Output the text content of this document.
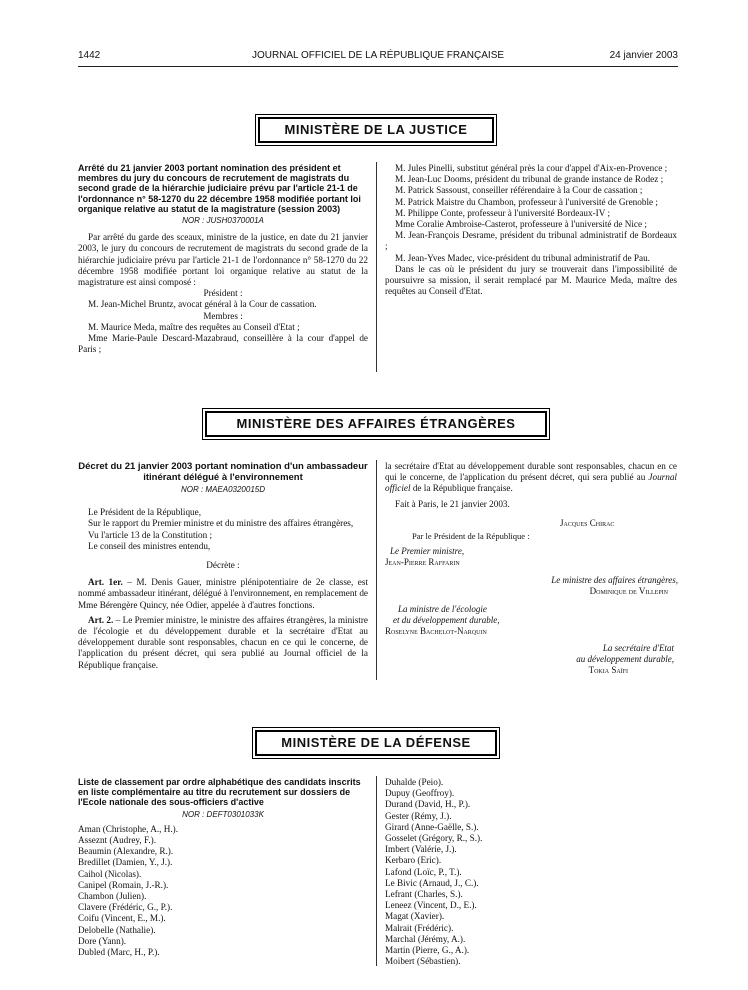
1442	JOURNAL OFFICIEL DE LA RÉPUBLIQUE FRANÇAISE	24 janvier 2003
MINISTÈRE DE LA JUSTICE
Arrêté du 21 janvier 2003 portant nomination des président et membres du jury du concours de recrutement de magistrats du second grade de la hiérarchie judiciaire prévu par l'article 21-1 de l'ordonnance n° 58-1270 du 22 décembre 1958 modifiée portant loi organique relative au statut de la magistrature (session 2003)
NOR : JUSH0370001A

Par arrêté du garde des sceaux, ministre de la justice, en date du 21 janvier 2003, le jury du concours de recrutement de magistrats du second grade de la hiérarchie judiciaire prévu par l'article 21-1 de l'ordonnance n° 58-1270 du 22 décembre 1958 modifiée portant loi organique relative au statut de la magistrature est ainsi composé :

Président :

M. Jean-Michel Bruntz, avocat général à la Cour de cassation.

Membres :

M. Maurice Meda, maître des requêtes au Conseil d'Etat ;

Mme Marie-Paule Descard-Mazabraud, conseillère à la cour d'appel de Paris ;

M. Jules Pinelli, substitut général près la cour d'appel d'Aix-en-Provence ;

M. Jean-Luc Dooms, président du tribunal de grande instance de Rodez ;

M. Patrick Sassoust, conseiller référendaire à la Cour de cassation ;

M. Patrick Maistre du Chambon, professeur à l'université de Grenoble ;

M. Philippe Conte, professeur à l'université Bordeaux-IV ;

Mme Coralie Ambroise-Casterot, professeure à l'université de Nice ;

M. Jean-François Desrame, président du tribunal administratif de Bordeaux ;

M. Jean-Yves Madec, vice-président du tribunal administratif de Pau.

Dans le cas où le président du jury se trouverait dans l'impossibilité de poursuivre sa mission, il serait remplacé par M. Maurice Meda, maître des requêtes au Conseil d'Etat.

MINISTÈRE DES AFFAIRES ÉTRANGÈRES
Décret du 21 janvier 2003 portant nomination d'un ambassadeur itinérant délégué à l'environnement
NOR : MAEA0320015D

Le Président de la République,

Sur le rapport du Premier ministre et du ministre des affaires étrangères,

Vu l'article 13 de la Constitution ;

Le conseil des ministres entendu,

Décrète :

Art. 1er. – M. Denis Gauer, ministre plénipotentiaire de 2e classe, est nommé ambassadeur itinérant, délégué à l'environnement, en remplacement de Mme Bérengère Quincy, née Odier, appelée à d'autres fonctions.

Art. 2. – Le Premier ministre, le ministre des affaires étrangères, la ministre de l'écologie et du développement durable et la secrétaire d'Etat au développement durable sont responsables, chacun en ce qui le concerne, de l'application du présent décret, qui sera publié au Journal officiel de la République française.

la secrétaire d'Etat au développement durable sont responsables, chacun en ce qui le concerne, de l'application du présent décret, qui sera publié au Journal officiel de la République française.

Fait à Paris, le 21 janvier 2003.

Jacques Chirac
Par le Président de la République :
Le Premier ministre,
Jean-Pierre Raffarin
Le ministre des affaires étrangères,
Dominique de Villepin
La ministre de l'écologie
et du développement durable,
Roselyne Bachelot-Narquin
La secrétaire d'Etat
au développement durable,
Tokia Saïfi
MINISTÈRE DE LA DÉFENSE
Liste de classement par ordre alphabétique des candidats inscrits en liste complémentaire au titre du recrutement sur dossiers de l'Ecole nationale des sous-officiers d'active
NOR : DEFT0301033K
Aman (Christophe, A., H.).
Asseznt (Audrey, F.).
Beaumin (Alexandre, R.).
Bredillet (Damien, Y., J.).
Caihol (Nicolas).
Canipel (Romain, J.-R.).
Chambon (Julien).
Clavere (Frédéric, G., P.).
Coifu (Vincent, E., M.).
Delobelle (Nathalie).
Dore (Yann).
Dubled (Marc, H., P.).
Duhalde (Peio).
Dupuy (Geoffroy).
Durand (David, H., P.).
Gester (Rémy, J.).
Girard (Anne-Gaëlle, S.).
Gosselet (Grégory, R., S.).
Imbert (Valérie, J.).
Kerbaro (Eric).
Lafond (Loïc, P., T.).
Le Bivic (Arnaud, J., C.).
Lefrant (Charles, S.).
Leneez (Vincent, D., E.).
Magat (Xavier).
Malrait (Frédéric).
Marchal (Jérémy, A.).
Martin (Pierre, G., A.).
Moibert (Sébastien).
